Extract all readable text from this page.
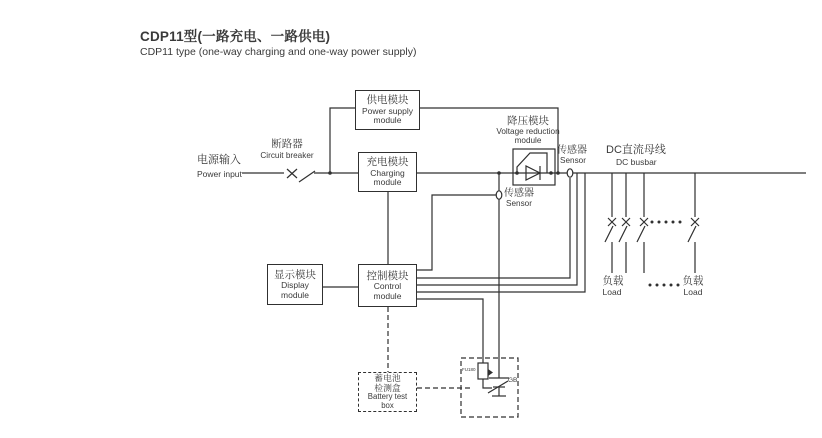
CDP11型(一路充电、一路供电)
CDP11 type (one-way charging and one-way power supply)
供电模块
Power supply
module
充电模块
Charging
module
显示模块
Display
module
控制模块
Control
module
蓄电池
检测盒
Battery test
box
电源输入
Power input
断路器
Circuit breaker
降压模块
Voltage reduction
module
传感器
Sensor
DC直流母线
DC busbar
传感器
Sensor
负载
Load
负载
Load
GB
FU180
